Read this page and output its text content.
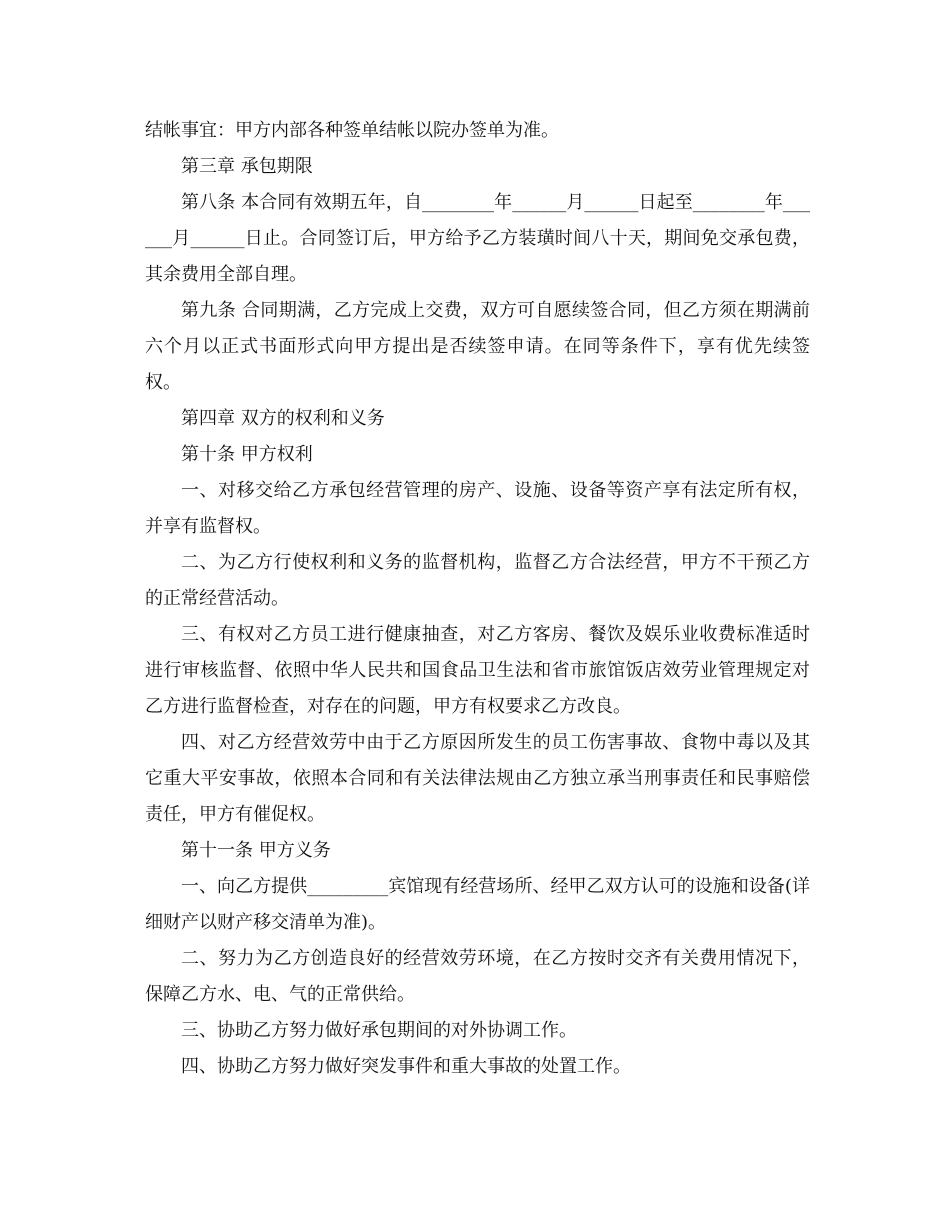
结帐事宜：甲方内部各种签单结帐以院办签单为准。

第三章 承包期限

第八条 本合同有效期五年，自________年______月______日起至________年______月______日止。合同签订后，甲方给予乙方装璜时间八十天，期间免交承包费，其余费用全部自理。

第九条 合同期满，乙方完成上交费，双方可自愿续签合同，但乙方须在期满前六个月以正式书面形式向甲方提出是否续签申请。在同等条件下，享有优先续签权。

第四章 双方的权利和义务

第十条 甲方权利

一、对移交给乙方承包经营管理的房产、设施、设备等资产享有法定所有权，并享有监督权。

二、为乙方行使权利和义务的监督机构，监督乙方合法经营，甲方不干预乙方的正常经营活动。

三、有权对乙方员工进行健康抽查，对乙方客房、餐饮及娱乐业收费标准适时进行审核监督、依照中华人民共和国食品卫生法和省市旅馆饭店效劳业管理规定对乙方进行监督检查，对存在的问题，甲方有权要求乙方改良。

四、对乙方经营效劳中由于乙方原因所发生的员工伤害事故、食物中毒以及其它重大平安事故，依照本合同和有关法律法规由乙方独立承当刑事责任和民事赔偿责任，甲方有催促权。

第十一条 甲方义务

一、向乙方提供_________宾馆现有经营场所、经甲乙双方认可的设施和设备(详细财产以财产移交清单为准)。

二、努力为乙方创造良好的经营效劳环境，在乙方按时交齐有关费用情况下，保障乙方水、电、气的正常供给。

三、协助乙方努力做好承包期间的对外协调工作。

四、协助乙方努力做好突发事件和重大事故的处置工作。
